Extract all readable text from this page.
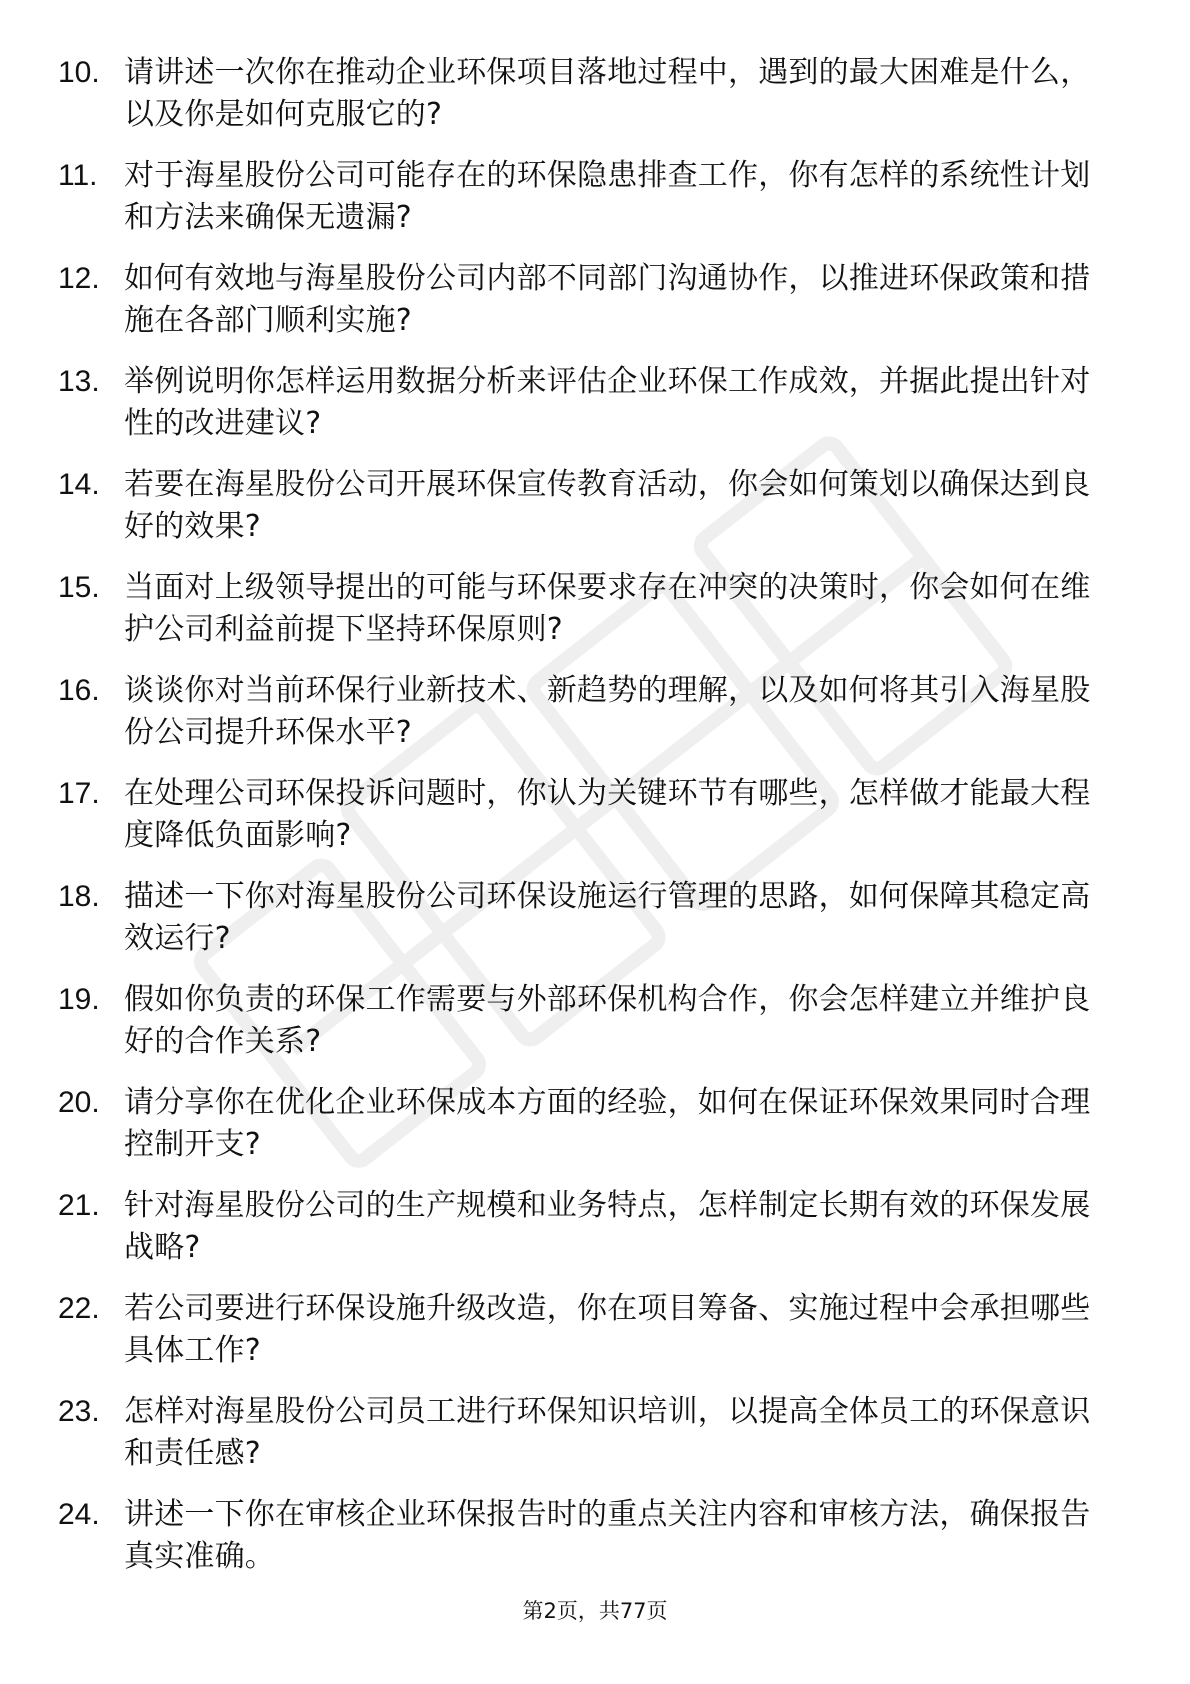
10. 请讲述一次你在推动企业环保项目落地过程中，遇到的最大困难是什么，以及你是如何克服它的?
11. 对于海星股份公司可能存在的环保隐患排查工作，你有怎样的系统性计划和方法来确保无遗漏?
12. 如何有效地与海星股份公司内部不同部门沟通协作，以推进环保政策和措施在各部门顺利实施?
13. 举例说明你怎样运用数据分析来评估企业环保工作成效，并据此提出针对性的改进建议?
14. 若要在海星股份公司开展环保宣传教育活动，你会如何策划以确保达到良好的效果?
15. 当面对上级领导提出的可能与环保要求存在冲突的决策时，你会如何在维护公司利益前提下坚持环保原则?
16. 谈谈你对当前环保行业新技术、新趋势的理解，以及如何将其引入海星股份公司提升环保水平?
17. 在处理公司环保投诉问题时，你认为关键环节有哪些，怎样做才能最大程度降低负面影响?
18. 描述一下你对海星股份公司环保设施运行管理的思路，如何保障其稳定高效运行?
19. 假如你负责的环保工作需要与外部环保机构合作，你会怎样建立并维护良好的合作关系?
20. 请分享你在优化企业环保成本方面的经验，如何在保证环保效果同时合理控制开支?
21. 针对海星股份公司的生产规模和业务特点，怎样制定长期有效的环保发展战略?
22. 若公司要进行环保设施升级改造，你在项目筹备、实施过程中会承担哪些具体工作?
23. 怎样对海星股份公司员工进行环保知识培训，以提高全体员工的环保意识和责任感?
24. 讲述一下你在审核企业环保报告时的重点关注内容和审核方法，确保报告真实准确。
第2页，共77页
